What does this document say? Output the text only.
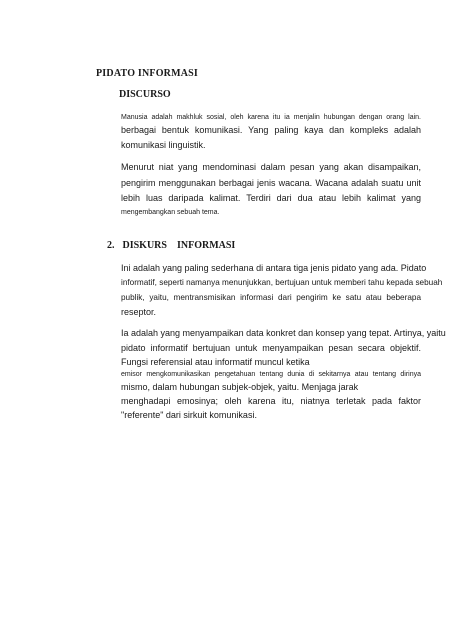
PIDATO INFORMASI
DISCURSO
Manusia adalah makhluk sosial, oleh karena itu ia menjalin hubungan dengan orang lain.
berbagai bentuk komunikasi. Yang paling kaya dan kompleks adalah
komunikasi linguistik.
Menurut niat yang mendominasi dalam pesan yang akan disampaikan,
pengirim menggunakan berbagai jenis wacana. Wacana adalah suatu unit
lebih luas daripada kalimat. Terdiri dari dua atau lebih kalimat yang
mengembangkan sebuah tema.
2. DISKURS INFORMASI
Ini adalah yang paling sederhana di antara tiga jenis pidato yang ada. Pidato
informatif, seperti namanya menunjukkan, bertujuan untuk memberi tahu kepada sebuah
publik, yaitu, mentransmisikan informasi dari pengirim ke satu atau beberapa
reseptor.
Ia adalah yang menyampaikan data konkret dan konsep yang tepat. Artinya, yaitu
pidato informatif bertujuan untuk menyampaikan pesan secara objektif.
Fungsi referensial atau informatif muncul ketika
emisor mengkomunikasikan pengetahuan tentang dunia di sekitarnya atau tentang dirinya
mismo, dalam hubungan subjek-objek, yaitu. Menjaga jarak
menghadapi emosinya; oleh karena itu, niatnya terletak pada faktor
"referente" dari sirkuit komunikasi.
